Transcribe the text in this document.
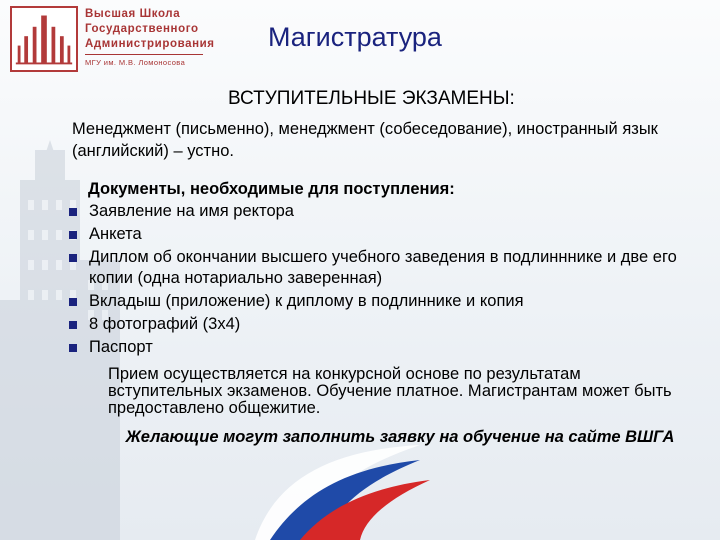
Высшая Школа
Государственного
Администрирования
МГУ им. М.В. Ломоносова
Магистратура
ВСТУПИТЕЛЬНЫЕ ЭКЗАМЕНЫ:
Менеджмент (письменно), менеджмент (собеседование), иностранный язык (английский) – устно.
Документы, необходимые для поступления:
Заявление на имя ректора
Анкета
Диплом об окончании высшего учебного заведения в подлинннике и две его копии (одна нотариально заверенная)
Вкладыш (приложение) к диплому в подлиннике и копия
8 фотографий (3х4)
Паспорт
Прием осуществляется на конкурсной основе по результатам вступительных экзаменов. Обучение платное. Магистрантам может быть предоставлено общежитие.
Желающие могут заполнить заявку на обучение на сайте ВШГА
